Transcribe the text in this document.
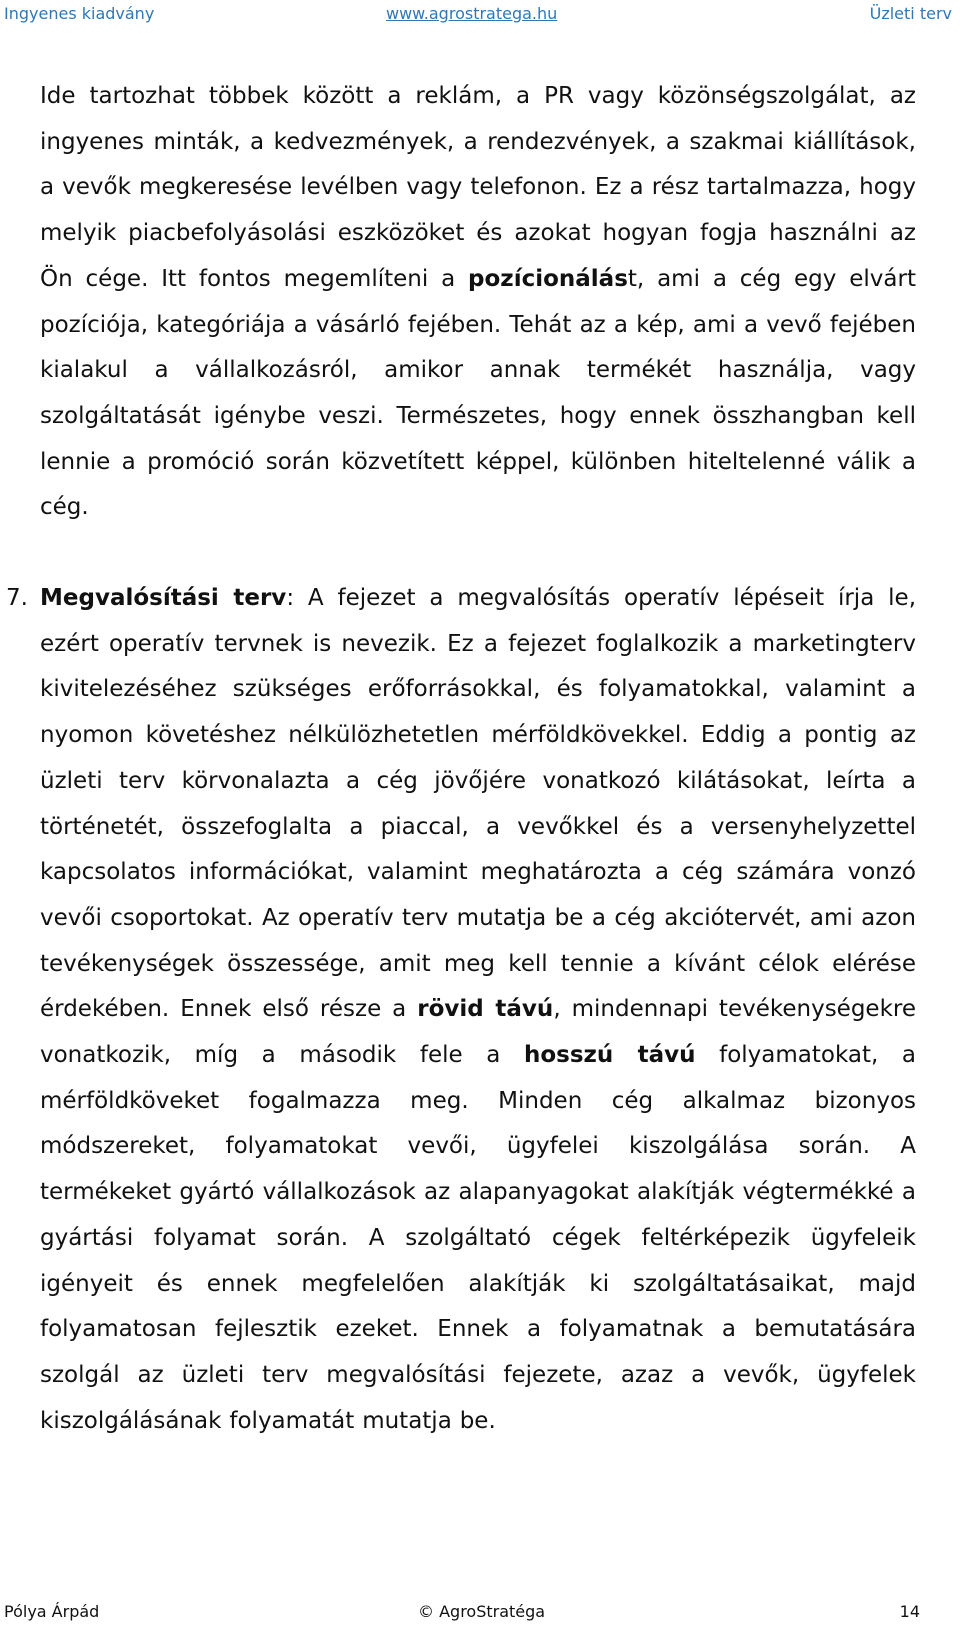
Ingyenes kiadvány	www.agrostratega.hu	Üzleti terv

Ide tartozhat többek között a reklám, a PR vagy közönségszolgálat, az ingyenes minták, a kedvezmények, a rendezvények, a szakmai kiállítások, a vevők megkeresése levélben vagy telefonon. Ez a rész tartalmazza, hogy melyik piacbefolyásolási eszközöket és azokat hogyan fogja használni az Ön cége. Itt fontos megemlíteni a pozícionálást, ami a cég egy elvárt pozíciója, kategóriája a vásárló fejében. Tehát az a kép, ami a vevő fejében kialakul a vállalkozásról, amikor annak termékét használja, vagy szolgáltatását igénybe veszi. Természetes, hogy ennek összhangban kell lennie a promóció során közvetített képpel, különben hiteltelenné válik a cég.

7. Megvalósítási terv: A fejezet a megvalósítás operatív lépéseit írja le, ezért operatív tervnek is nevezik. Ez a fejezet foglalkozik a marketingterv kivitelezéséhez szükséges erőforrásokkal, és folyamatokkal, valamint a nyomon követéshez nélkülözhetetlen mérföldkövekkel. Eddig a pontig az üzleti terv körvonalazta a cég jövőjére vonatkozó kilátásokat, leírta a történetét, összefoglalta a piaccal, a vevőkkel és a versenyhelyzettel kapcsolatos információkat, valamint meghatározta a cég számára vonzó vevői csoportokat. Az operatív terv mutatja be a cég akciótervét, ami azon tevékenységek összessége, amit meg kell tennie a kívánt célok elérése érdekében. Ennek első része a rövid távú, mindennapi tevékenységekre vonatkozik, míg a második fele a hosszú távú folyamatokat, a mérföldköveket fogalmazza meg. Minden cég alkalmaz bizonyos módszereket, folyamatokat vevői, ügyfelei kiszolgálása során. A termékeket gyártó vállalkozások az alapanyagokat alakítják végtermékké a gyártási folyamat során. A szolgáltató cégek feltérképezik ügyfeleik igényeit és ennek megfelelően alakítják ki szolgáltatásaikat, majd folyamatosan fejlesztik ezeket. Ennek a folyamatnak a bemutatására szolgál az üzleti terv megvalósítási fejezete, azaz a vevők, ügyfelek kiszolgálásának folyamatát mutatja be.

Pólya Árpád	© AgroStratéga	14
